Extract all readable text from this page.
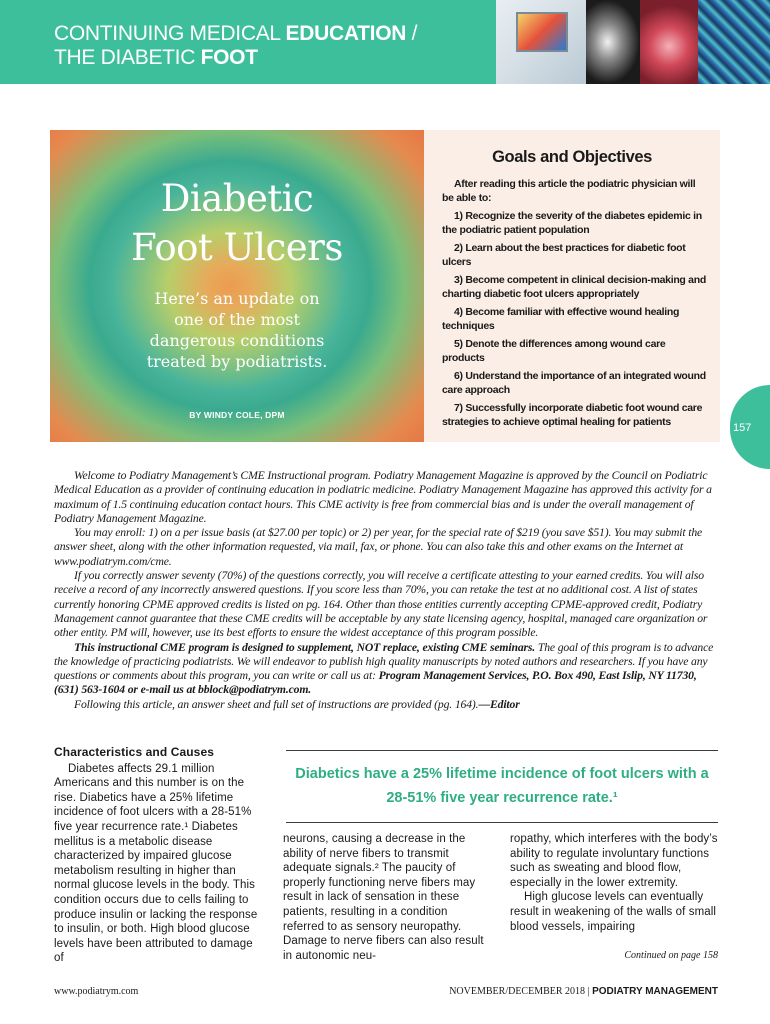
CONTINUING MEDICAL EDUCATION /
THE DIABETIC FOOT
Diabetic
Foot Ulcers
Here’s an update on one of the most dangerous conditions treated by podiatrists.
BY WINDY COLE, DPM
Goals and Objectives

After reading this article the podiatric physician will be able to:

1) Recognize the severity of the diabetes epidemic in the podiatric patient population

2) Learn about the best practices for diabetic foot ulcers

3) Become competent in clinical decision-making and charting diabetic foot ulcers appropriately

4) Become familiar with effective wound healing techniques

5) Denote the differences among wound care products

6) Understand the importance of an integrated wound care approach

7) Successfully incorporate diabetic foot wound care strategies to achieve optimal healing for patients

157

Welcome to Podiatry Management’s CME Instructional program. Podiatry Management Magazine is approved by the Council on Podiatric Medical Education as a provider of continuing education in podiatric medicine. Podiatry Management Magazine has approved this activity for a maximum of 1.5 continuing education contact hours. This CME activity is free from commercial bias and is under the overall management of Podiatry Management Magazine.

You may enroll: 1) on a per issue basis (at $27.00 per topic) or 2) per year, for the special rate of $219 (you save $51). You may submit the answer sheet, along with the other information requested, via mail, fax, or phone. You can also take this and other exams on the Internet at www.podiatrym.com/cme.

If you correctly answer seventy (70%) of the questions correctly, you will receive a certificate attesting to your earned credits. You will also receive a record of any incorrectly answered questions. If you score less than 70%, you can retake the test at no additional cost. A list of states currently honoring CPME approved credits is listed on pg. 164. Other than those entities currently accepting CPME-approved credit, Podiatry Management cannot guarantee that these CME credits will be acceptable by any state licensing agency, hospital, managed care organization or other entity. PM will, however, use its best efforts to ensure the widest acceptance of this program possible.

This instructional CME program is designed to supplement, NOT replace, existing CME seminars. The goal of this program is to advance the knowledge of practicing podiatrists. We will endeavor to publish high quality manuscripts by noted authors and researchers. If you have any questions or comments about this program, you can write or call us at: Program Management Services, P.O. Box 490, East Islip, NY 11730, (631) 563-1604 or e-mail us at bblock@podiatrym.com.

Following this article, an answer sheet and full set of instructions are provided (pg. 164).—Editor

Characteristics and Causes

Diabetes affects 29.1 million Americans and this number is on the rise. Diabetics have a 25% lifetime incidence of foot ulcers with a 28-51% five year recurrence rate.¹ Diabetes mellitus is a metabolic disease characterized by impaired glucose metabolism resulting in higher than normal glucose levels in the body. This condition occurs due to cells failing to produce insulin or lacking the response to insulin, or both. High blood glucose levels have been attributed to damage of

Diabetics have a 25% lifetime incidence of foot ulcers with a 28-51% five year recurrence rate.¹

neurons, causing a decrease in the ability of nerve fibers to transmit adequate signals.² The paucity of properly functioning nerve fibers may result in lack of sensation in these patients, resulting in a condition referred to as sensory neuropathy. Damage to nerve fibers can also result in autonomic neu-

ropathy, which interferes with the body’s ability to regulate involuntary functions such as sweating and blood flow, especially in the lower extremity.

High glucose levels can eventually result in weakening of the walls of small blood vessels, impairing

Continued on page 158
www.podiatrym.com	NOVEMBER/DECEMBER 2018 | PODIATRY MANAGEMENT
